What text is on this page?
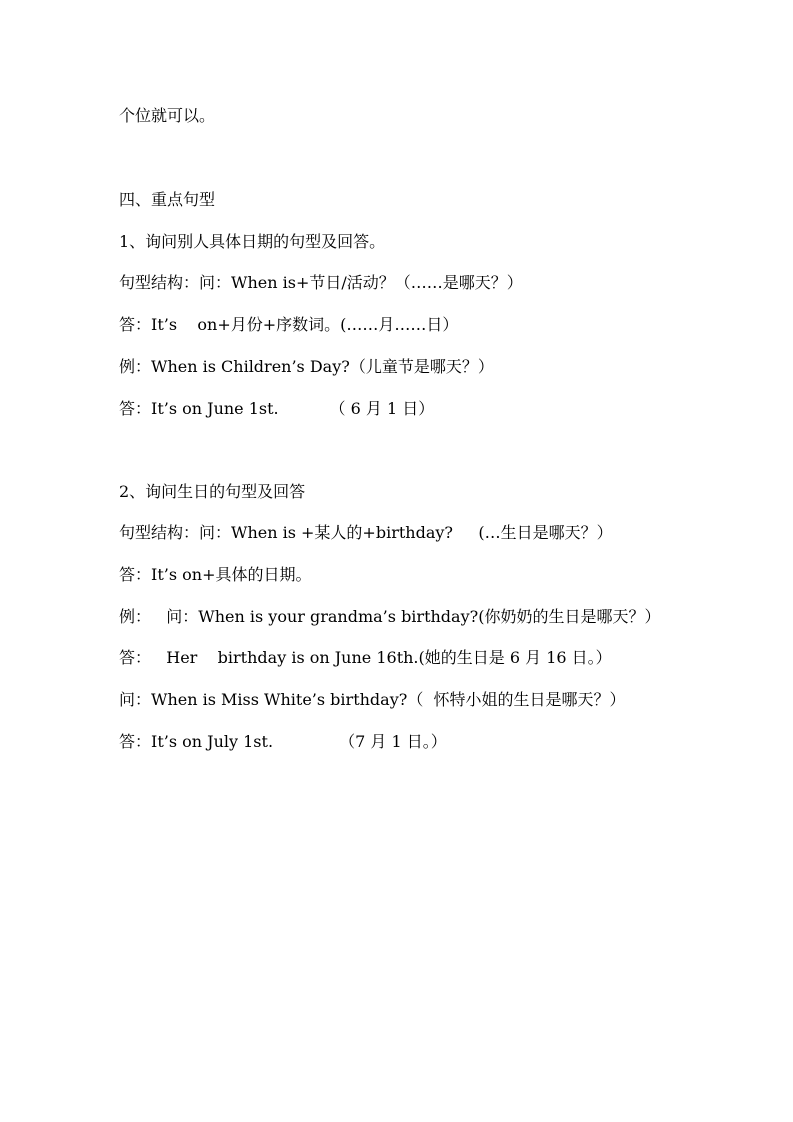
个位就可以。
四、重点句型
1、询问别人具体日期的句型及回答。
句型结构：问：When is+节日/活动？（……是哪天？）
答：It’s    on+月份+序数词。(……月……日）
例：When is Children’s Day?（儿童节是哪天？）
答：It’s on June 1st.          （ 6 月 1 日）
2、询问生日的句型及回答
句型结构：问：When is +某人的+birthday?     (…生日是哪天？）
答：It’s on+具体的日期。
例：   问：When is your grandma’s birthday?(你奶奶的生日是哪天？）
答：   Her    birthday is on June 16th.(她的生日是 6 月 16 日。）
问：When is Miss White’s birthday?（  怀特小姐的生日是哪天？）
答：It’s on July 1st.             （7 月 1 日。）
